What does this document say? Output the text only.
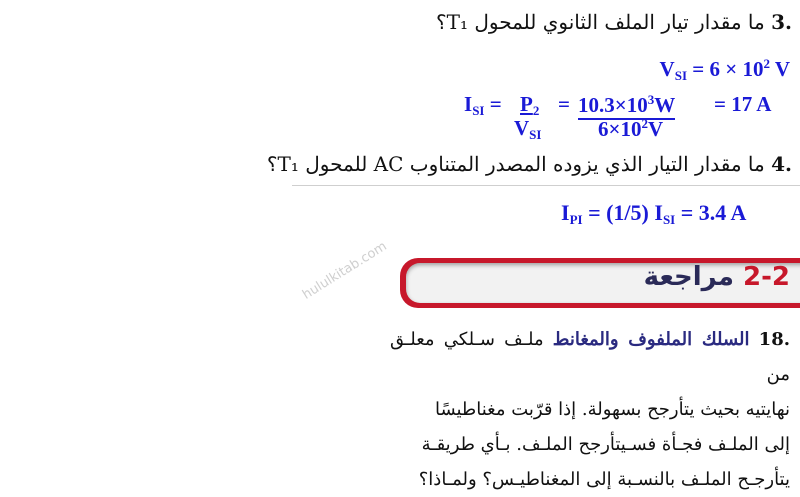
.3 ما مقدار تيار الملف الثانوي للمحول T₁؟
$V_{SI} = 6 \times 10^2$ V
$I_{SI} = P_2$
$V_{SI}$
= $10.3\times 10^3W$
$6\times 10^2V$
= 17 A
.4 ما مقدار التيار الذي يزوده المصدر المتناوب AC للمحول T₁؟
$I_{PI} = (1/5) I_{SI} = 3.4$ A
hululkitab.com	2-2 مراجعة
.18 السلك الملفوف والمغانط ملـف سـلكي معلـق من
نهايتيه بحيث يتأرجح بسهولة. إذا قرّبت مغناطيسًا
إلى الملـف فجـأة فسـيتأرجح الملـف. بـأي طريقـة
يتأرجـح الملـف بالنسـبة إلى المغناطيـس؟ ولمـاذا؟
